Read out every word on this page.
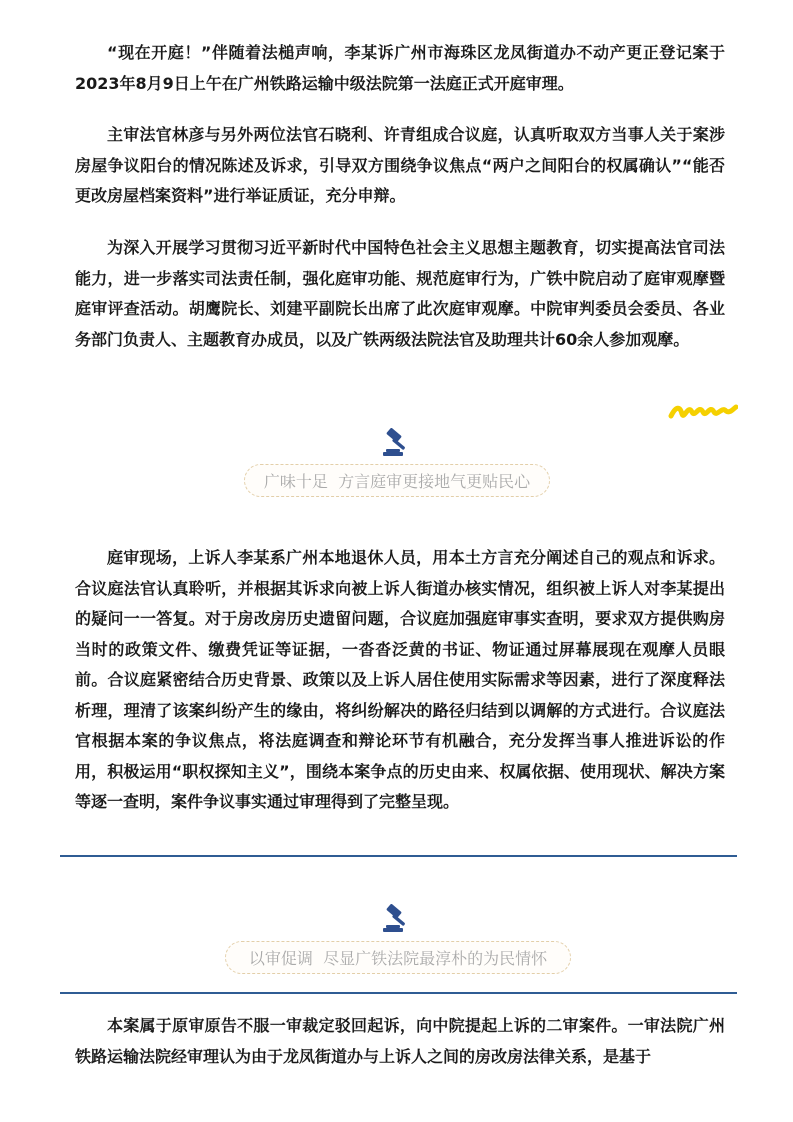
“现在开庭！”伴随着法槌声响，李某诉广州市海珠区龙凤街道办不动产更正登记案于2023年8月9日上午在广州铁路运输中级法院第一法庭正式开庭审理。

主审法官林彦与另外两位法官石晓利、许青组成合议庭，认真听取双方当事人关于案涉房屋争议阳台的情况陈述及诉求，引导双方围绕争议焦点“两户之间阳台的权属确认”“能否更改房屋档案资料”进行举证质证，充分申辩。

为深入开展学习贯彻习近平新时代中国特色社会主义思想主题教育，切实提高法官司法能力，进一步落实司法责任制，强化庭审功能、规范庭审行为，广铁中院启动了庭审观摩暨庭审评查活动。胡鹰院长、刘建平副院长出席了此次庭审观摩。中院审判委员会委员、各业务部门负责人、主题教育办成员，以及广铁两级法院法官及助理共计60余人参加观摩。

广味十足  方言庭审更接地气更贴民心

庭审现场，上诉人李某系广州本地退休人员，用本土方言充分阐述自己的观点和诉求。合议庭法官认真聆听，并根据其诉求向被上诉人街道办核实情况，组织被上诉人对李某提出的疑问一一答复。对于房改房历史遗留问题，合议庭加强庭审事实查明，要求双方提供购房当时的政策文件、缴费凭证等证据，一沓沓泛黄的书证、物证通过屏幕展现在观摩人员眼前。合议庭紧密结合历史背景、政策以及上诉人居住使用实际需求等因素，进行了深度释法析理，理清了该案纠纷产生的缘由，将纠纷解决的路径归结到以调解的方式进行。合议庭法官根据本案的争议焦点，将法庭调查和辩论环节有机融合，充分发挥当事人推进诉讼的作用，积极运用“职权探知主义”，围绕本案争点的历史由来、权属依据、使用现状、解决方案等逐一查明，案件争议事实通过审理得到了完整呈现。

以审促调  尽显广铁法院最淳朴的为民情怀

本案属于原审原告不服一审裁定驳回起诉，向中院提起上诉的二审案件。一审法院广州铁路运输法院经审理认为由于龙凤街道办与上诉人之间的房改房法律关系，是基于
